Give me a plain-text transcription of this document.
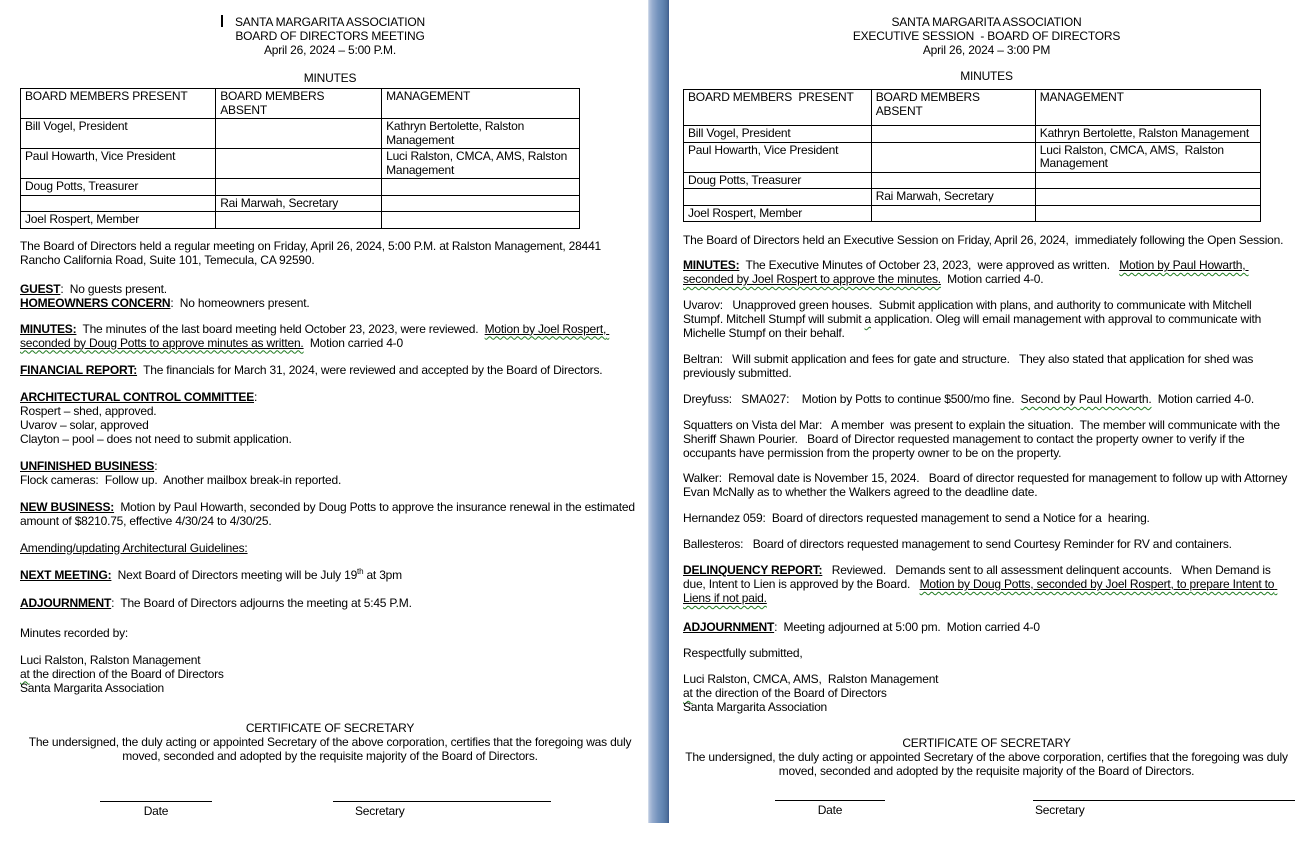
SANTA MARGARITA ASSOCIATION
BOARD OF DIRECTORS MEETING
April 26, 2024 – 5:00 P.M.
MINUTES
BOARD MEMBERS PRESENT	BOARD MEMBERS ABSENT	MANAGEMENT
Bill Vogel, President		Kathryn Bertolette, Ralston Management
Paul Howarth, Vice President		Luci Ralston, CMCA, AMS, Ralston Management
Doug Potts, Treasurer		
	Rai Marwah, Secretary	
Joel Rospert, Member		
The Board of Directors held a regular meeting on Friday, April 26, 2024, 5:00 P.M. at Ralston Management, 28441 Rancho California Road, Suite 101, Temecula, CA 92590.
GUEST:  No guests present.
HOMEOWNERS CONCERN:  No homeowners present.
MINUTES:  The minutes of the last board meeting held October 23, 2023, were reviewed.  Motion by Joel Rospert, seconded by Doug Potts to approve minutes as written.  Motion carried 4-0
FINANCIAL REPORT:  The financials for March 31, 2024, were reviewed and accepted by the Board of Directors.
ARCHITECTURAL CONTROL COMMITTEE:
Rospert – shed, approved.
Uvarov – solar, approved
Clayton – pool – does not need to submit application.
UNFINISHED BUSINESS:
Flock cameras:  Follow up.  Another mailbox break-in reported.
NEW BUSINESS:  Motion by Paul Howarth, seconded by Doug Potts to approve the insurance renewal in the estimated amount of $8210.75, effective 4/30/24 to 4/30/25.
Amending/updating Architectural Guidelines:
NEXT MEETING:  Next Board of Directors meeting will be July 19th at 3pm
ADJOURNMENT:  The Board of Directors adjourns the meeting at 5:45 P.M.
Minutes recorded by:
Luci Ralston, Ralston Management
at the direction of the Board of Directors
Santa Margarita Association
CERTIFICATE OF SECRETARY
The undersigned, the duly acting or appointed Secretary of the above corporation, certifies that the foregoing was duly moved, seconded and adopted by the requisite majority of the Board of Directors.
Date	Secretary
SANTA MARGARITA ASSOCIATION
EXECUTIVE SESSION  - BOARD OF DIRECTORS
April 26, 2024 – 3:00 PM
MINUTES
BOARD MEMBERS  PRESENT	BOARD MEMBERS  ABSENT	MANAGEMENT
Bill Vogel, President		Kathryn Bertolette, Ralston Management
Paul Howarth, Vice President		Luci Ralston, CMCA, AMS,  Ralston Management
Doug Potts, Treasurer		
	Rai Marwah, Secretary	
Joel Rospert, Member		
The Board of Directors held an Executive Session on Friday, April 26, 2024,  immediately following the Open Session.
MINUTES:  The Executive Minutes of October 23, 2023,  were approved as written.   Motion by Paul Howarth, seconded by Joel Rospert to approve the minutes.  Motion carried 4-0.
Uvarov:   Unapproved green houses.  Submit application with plans, and authority to communicate with Mitchell Stumpf. Mitchell Stumpf will submit a application. Oleg will email management with approval to communicate with Michelle Stumpf on their behalf.
Beltran:   Will submit application and fees for gate and structure.   They also stated that application for shed was previously submitted.
Dreyfuss:   SMA027:    Motion by Potts to continue $500/mo fine.  Second by Paul Howarth.  Motion carried 4-0.
Squatters on Vista del Mar:   A member  was present to explain the situation.  The member will communicate with the Sheriff Shawn Pourier.   Board of Director requested management to contact the property owner to verify if the occupants have permission from the property owner to be on the property.
Walker:  Removal date is November 15, 2024.   Board of director requested for management to follow up with Attorney Evan McNally as to whether the Walkers agreed to the deadline date.
Hernandez 059:  Board of directors requested management to send a Notice for a  hearing.
Ballesteros:   Board of directors requested management to send Courtesy Reminder for RV and containers.
DELINQUENCY REPORT:   Reviewed.   Demands sent to all assessment delinquent accounts.   When Demand is due, Intent to Lien is approved by the Board.   Motion by Doug Potts, seconded by Joel Rospert, to prepare Intent to Liens if not paid.
ADJOURNMENT:  Meeting adjourned at 5:00 pm.  Motion carried 4-0
Respectfully submitted,
Luci Ralston, CMCA, AMS,  Ralston Management
at the direction of the Board of Directors
Santa Margarita Association
CERTIFICATE OF SECRETARY
The undersigned, the duly acting or appointed Secretary of the above corporation, certifies that the foregoing was duly moved, seconded and adopted by the requisite majority of the Board of Directors.
Date	Secretary
